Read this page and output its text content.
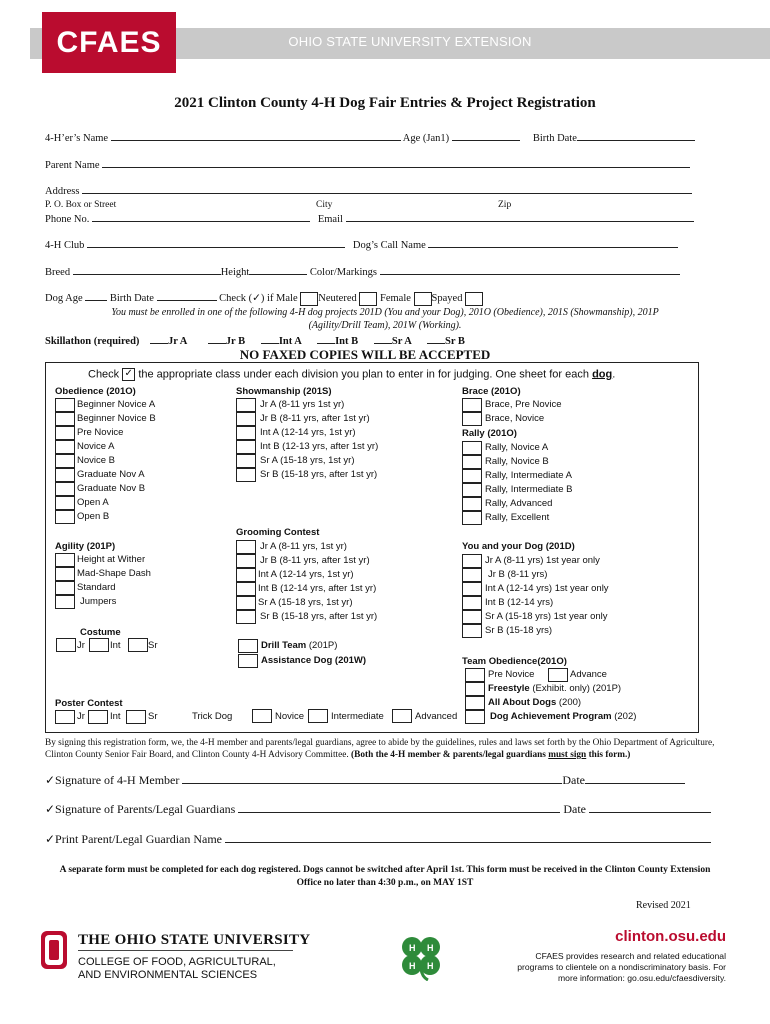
OHIO STATE UNIVERSITY EXTENSION
CFAES
2021 Clinton County 4-H Dog Fair Entries & Project Registration
4-H’er’s Name	Age (Jan1)	Birth Date
Parent Name
Address
P. O. Box or Street	City	Zip
Phone No.	Email
4-H Club	Dog’s Call Name
Breed	Height	Color/Markings
Dog Age	Birth Date	Check (✓) if Male Neutered Female Spayed
You must be enrolled in one of the following 4-H dog projects 201D (You and your Dog), 201O (Obedience), 201S (Showmanship), 201P
(Agility/Drill Team), 201W (Working).
Skillathon (required)	Jr A	Jr B	Int A	Int B	Sr A	Sr B
NO FAXED COPIES WILL BE ACCEPTED
Check ✓ the appropriate class under each division you plan to enter in for judging. One sheet for each dog.
Obedience (201O)
Beginner Novice A
Beginner Novice B
Pre Novice
Novice A
Novice B
Graduate Nov A
Graduate Nov B
Open A
Open B
Showmanship (201S)
Jr A (8-11 yrs 1st yr)
Jr B (8-11 yrs, after 1st yr)
Int A (12-14 yrs, 1st yr)
Int B (12-13 yrs, after 1st yr)
Sr A (15-18 yrs, 1st yr)
Sr B (15-18 yrs, after 1st yr)
Brace (201O)
Brace, Pre Novice
Brace, Novice
Rally (201O)
Rally, Novice A
Rally, Novice B
Rally, Intermediate A
Rally, Intermediate B
Rally, Advanced
Rally, Excellent
Agility (201P)
Height at Wither
Mad-Shape Dash
Standard
Jumpers
Costume
Jr	Int	Sr
Grooming Contest
Jr A (8-11 yrs, 1st yr)
Jr B (8-11 yrs, after 1st yr)
Int A (12-14 yrs, 1st yr)
Int B (12-14 yrs, after 1st yr)
Sr A (15-18 yrs, 1st yr)
Sr B (15-18 yrs, after 1st yr)
Drill Team (201P)
Assistance Dog (201W)
You and your Dog (201D)
Jr A (8-11 yrs) 1st year only
Jr B (8-11 yrs)
Int A (12-14 yrs) 1st year only
Int B (12-14 yrs)
Sr A (15-18 yrs) 1st year only
Sr B (15-18 yrs)
Team Obedience(201O)
Pre Novice	Advance
Freestyle (Exhibit. only) (201P)
All About Dogs (200)
Dog Achievement Program (202)
Poster Contest
Jr	Int	Sr	Trick Dog	Novice	Intermediate	Advanced
By signing this registration form, we, the 4-H member and parents/legal guardians, agree to abide by the guidelines, rules and laws set forth by the Ohio Department of Agriculture, Clinton County Senior Fair Board, and Clinton County 4-H Advisory Committee. (Both the 4-H member & parents/legal guardians must sign this form.)
✓Signature of 4-H Member	Date
✓Signature of Parents/Legal Guardians	Date
✓Print Parent/Legal Guardian Name
A separate form must be completed for each dog registered. Dogs cannot be switched after April 1st. This form must be received in the Clinton County Extension
Office no later than 4:30 p.m., on MAY 1ST
Revised 2021
THE OHIO STATE UNIVERSITY
COLLEGE OF FOOD, AGRICULTURAL,
AND ENVIRONMENTAL SCIENCES
H H
H H
clinton.osu.edu
CFAES provides research and related educational
programs to clientele on a nondiscriminatory basis. For
more information: go.osu.edu/cfaesdiversity.
